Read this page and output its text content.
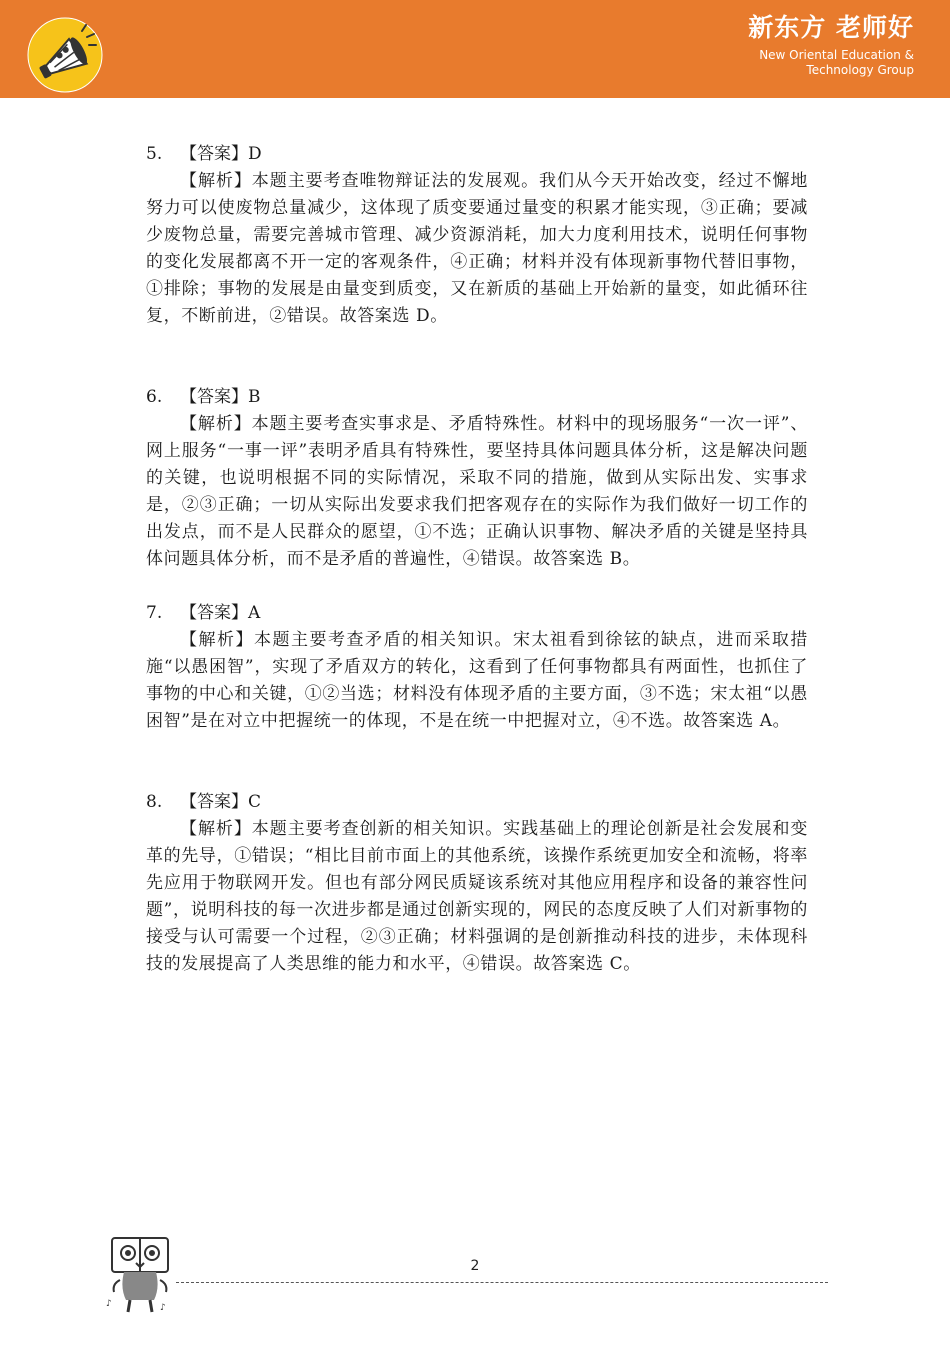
新东方 老师好
New Oriental Education &
Technology Group

5. 【答案】D

【解析】本题主要考查唯物辩证法的发展观。我们从今天开始改变，经过不懈地努力可以使废物总量减少，这体现了质变要通过量变的积累才能实现，③正确；要减少废物总量，需要完善城市管理、减少资源消耗，加大力度利用技术，说明任何事物的变化发展都离不开一定的客观条件，④正确；材料并没有体现新事物代替旧事物，①排除；事物的发展是由量变到质变，又在新质的基础上开始新的量变，如此循环往复，不断前进，②错误。故答案选 D。

6. 【答案】B

【解析】本题主要考查实事求是、矛盾特殊性。材料中的现场服务“一次一评”、网上服务“一事一评”表明矛盾具有特殊性，要坚持具体问题具体分析，这是解决问题的关键，也说明根据不同的实际情况，采取不同的措施，做到从实际出发、实事求是，②③正确；一切从实际出发要求我们把客观存在的实际作为我们做好一切工作的出发点，而不是人民群众的愿望，①不选；正确认识事物、解决矛盾的关键是坚持具体问题具体分析，而不是矛盾的普遍性，④错误。故答案选 B。

7. 【答案】A

【解析】本题主要考查矛盾的相关知识。宋太祖看到徐铉的缺点，进而采取措施“以愚困智”，实现了矛盾双方的转化，这看到了任何事物都具有两面性，也抓住了事物的中心和关键，①②当选；材料没有体现矛盾的主要方面，③不选；宋太祖“以愚困智”是在对立中把握统一的体现，不是在统一中把握对立，④不选。故答案选 A。

8. 【答案】C

【解析】本题主要考查创新的相关知识。实践基础上的理论创新是社会发展和变革的先导，①错误；“相比目前市面上的其他系统，该操作系统更加安全和流畅，将率先应用于物联网开发。但也有部分网民质疑该系统对其他应用程序和设备的兼容性问题”，说明科技的每一次进步都是通过创新实现的，网民的态度反映了人们对新事物的接受与认可需要一个过程，②③正确；材料强调的是创新推动科技的进步，未体现科技的发展提高了人类思维的能力和水平，④错误。故答案选 C。

♪	♪
2
